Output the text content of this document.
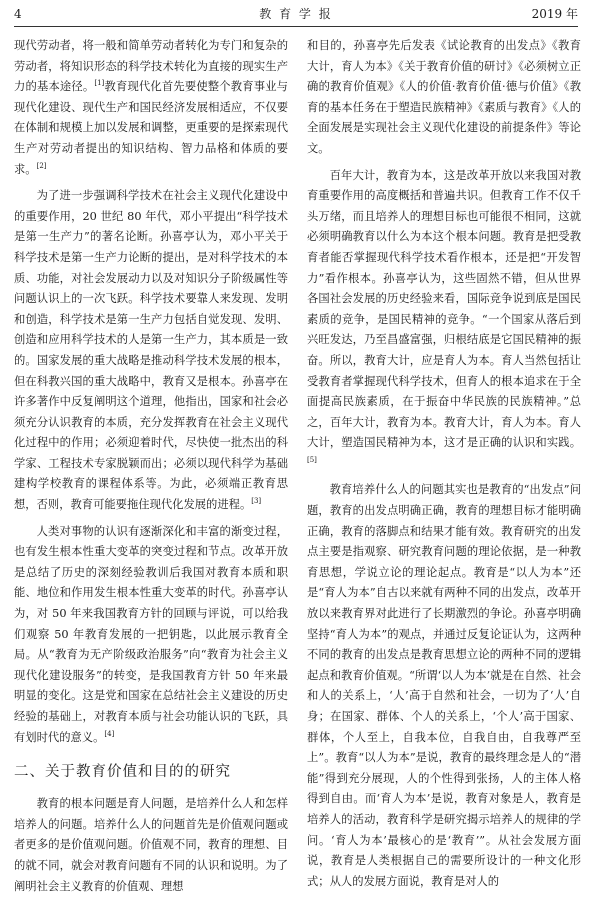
4	教 育 学 报	2019 年

现代劳动者，将一般和简单劳动者转化为专门和复杂的劳动者，将知识形态的科学技术转化为直接的现实生产力的基本途径。[1]教育现代化首先要使整个教育事业与现代化建设、现代生产和国民经济发展相适应，不仅要在体制和规模上加以发展和调整，更重要的是探索现代生产对劳动者提出的知识结构、智力品格和体质的要求。[2]

为了进一步强调科学技术在社会主义现代化建设中的重要作用，20 世纪 80 年代，邓小平提出“科学技术是第一生产力”的著名论断。孙喜亭认为，邓小平关于科学技术是第一生产力论断的提出，是对科学技术的本质、功能，对社会发展动力以及对知识分子阶级属性等问题认识上的一次飞跃。科学技术要靠人来发现、发明和创造，科学技术是第一生产力包括自觉发现、发明、创造和应用科学技术的人是第一生产力，其本质是一致的。国家发展的重大战略是推动科学技术发展的根本，但在科教兴国的重大战略中，教育又是根本。孙喜亭在许多著作中反复阐明这个道理，他指出，国家和社会必须充分认识教育的本质，充分发挥教育在社会主义现代化过程中的作用；必须迎着时代，尽快使一批杰出的科学家、工程技术专家脱颖而出；必须以现代科学为基础建构学校教育的课程体系等。为此，必须端正教育思想，否则，教育可能要拖住现代化发展的进程。[3]

人类对事物的认识有逐渐深化和丰富的渐变过程，也有发生根本性重大变革的突变过程和节点。改革开放是总结了历史的深刻经验教训后我国对教育本质和职能、地位和作用发生根本性重大变革的时代。孙喜亭认为，对 50 年来我国教育方针的回顾与评说，可以给我们观察 50 年教育发展的一把钥匙，以此展示教育全局。从“教育为无产阶级政治服务”向“教育为社会主义现代化建设服务”的转变，是我国教育方针 50 年来最明显的变化。这是党和国家在总结社会主义建设的历史经验的基础上，对教育本质与社会功能认识的飞跃，具有划时代的意义。[4]

二、关于教育价值和目的的研究

教育的根本问题是育人问题，是培养什么人和怎样培养人的问题。培养什么人的问题首先是价值观问题或者更多的是价值观问题。价值观不同，教育的理想、目的就不同，就会对教育问题有不同的认识和说明。为了阐明社会主义教育的价值观、理想

和目的，孙喜亭先后发表《试论教育的出发点》《教育大计，育人为本》《关于教育价值的研讨》《必须树立正确的教育价值观》《人的价值·教育价值·德与价值》《教育的基本任务在于塑造民族精神》《素质与教育》《人的全面发展是实现社会主义现代化建设的前提条件》等论文。

百年大计，教育为本，这是改革开放以来我国对教育重要作用的高度概括和普遍共识。但教育工作不仅千头万绪，而且培养人的理想目标也可能很不相同，这就必须明确教育以什么为本这个根本问题。教育是把受教育者能否掌握现代科学技术看作根本，还是把“开发智力”看作根本。孙喜亭认为，这些固然不错，但从世界各国社会发展的历史经验来看，国际竞争说到底是国民素质的竞争，是国民精神的竞争。“一个国家从落后到兴旺发达，乃至昌盛富强，归根结底是它国民精神的振奋。所以，教育大计，应是育人为本。育人当然包括让受教育者掌握现代科学技术，但育人的根本追求在于全面提高民族素质，在于振奋中华民族的民族精神。”总之，百年大计，教育为本。教育大计，育人为本。育人大计，塑造国民精神为本，这才是正确的认识和实践。[5]

教育培养什么人的问题其实也是教育的“出发点”问题，教育的出发点明确正确，教育的理想目标才能明确正确，教育的落脚点和结果才能有效。教育研究的出发点主要是指观察、研究教育问题的理论依据，是一种教育思想，学说立论的理论起点。教育是“以人为本”还是“育人为本”自古以来就有两种不同的出发点，改革开放以来教育界对此进行了长期激烈的争论。孙喜亭明确坚持“育人为本”的观点，并通过反复论证认为，这两种不同的教育的出发点是教育思想立论的两种不同的逻辑起点和教育价值观。“所谓‘以人为本’就是在自然、社会和人的关系上，‘人’高于自然和社会，一切为了‘人’自身；在国家、群体、个人的关系上，‘个人’高于国家、群体，个人至上，自我本位，自我自由，自我尊严至上”。教育“以人为本”是说，教育的最终理念是人的“潜能”得到充分展现，人的个性得到张扬，人的主体人格得到自由。而‘育人为本’是说，教育对象是人，教育是培养人的活动，教育科学是研究揭示培养人的规律的学问。‘育人为本’最核心的是‘教育’”。从社会发展方面说，教育是人类根据自己的需要所设计的一种文化形式；从人的发展方面说，教育是对人的
